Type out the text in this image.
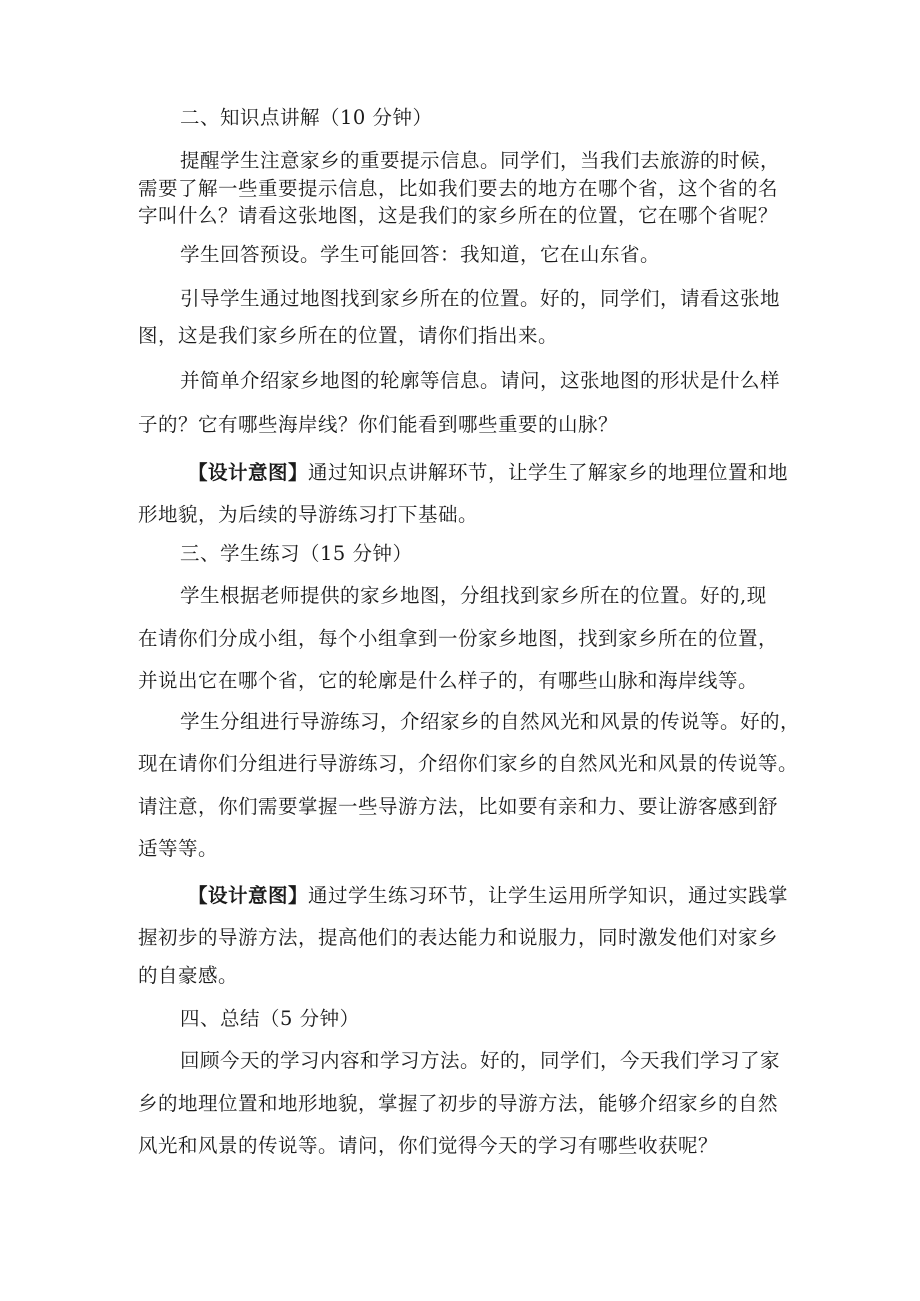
二、知识点讲解（10 分钟）
提醒学生注意家乡的重要提示信息。同学们，当我们去旅游的时候，
需要了解一些重要提示信息，比如我们要去的地方在哪个省，这个省的名
字叫什么？请看这张地图，这是我们的家乡所在的位置，它在哪个省呢？
学生回答预设。学生可能回答：我知道，它在山东省。
引导学生通过地图找到家乡所在的位置。好的，同学们，请看这张地
图，这是我们家乡所在的位置，请你们指出来。
并简单介绍家乡地图的轮廓等信息。请问，这张地图的形状是什么样
子的？它有哪些海岸线？你们能看到哪些重要的山脉？
【设计意图】通过知识点讲解环节，让学生了解家乡的地理位置和地
形地貌，为后续的导游练习打下基础。
三、学生练习（15 分钟）
学生根据老师提供的家乡地图，分组找到家乡所在的位置。好的,现
在请你们分成小组，每个小组拿到一份家乡地图，找到家乡所在的位置，
并说出它在哪个省，它的轮廓是什么样子的，有哪些山脉和海岸线等。
学生分组进行导游练习，介绍家乡的自然风光和风景的传说等。好的，
现在请你们分组进行导游练习，介绍你们家乡的自然风光和风景的传说等。
请注意，你们需要掌握一些导游方法，比如要有亲和力、要让游客感到舒
适等等。
【设计意图】通过学生练习环节，让学生运用所学知识，通过实践掌
握初步的导游方法，提高他们的表达能力和说服力，同时激发他们对家乡
的自豪感。
四、总结（5 分钟）
回顾今天的学习内容和学习方法。好的，同学们，今天我们学习了家
乡的地理位置和地形地貌，掌握了初步的导游方法，能够介绍家乡的自然
风光和风景的传说等。请问，你们觉得今天的学习有哪些收获呢？
